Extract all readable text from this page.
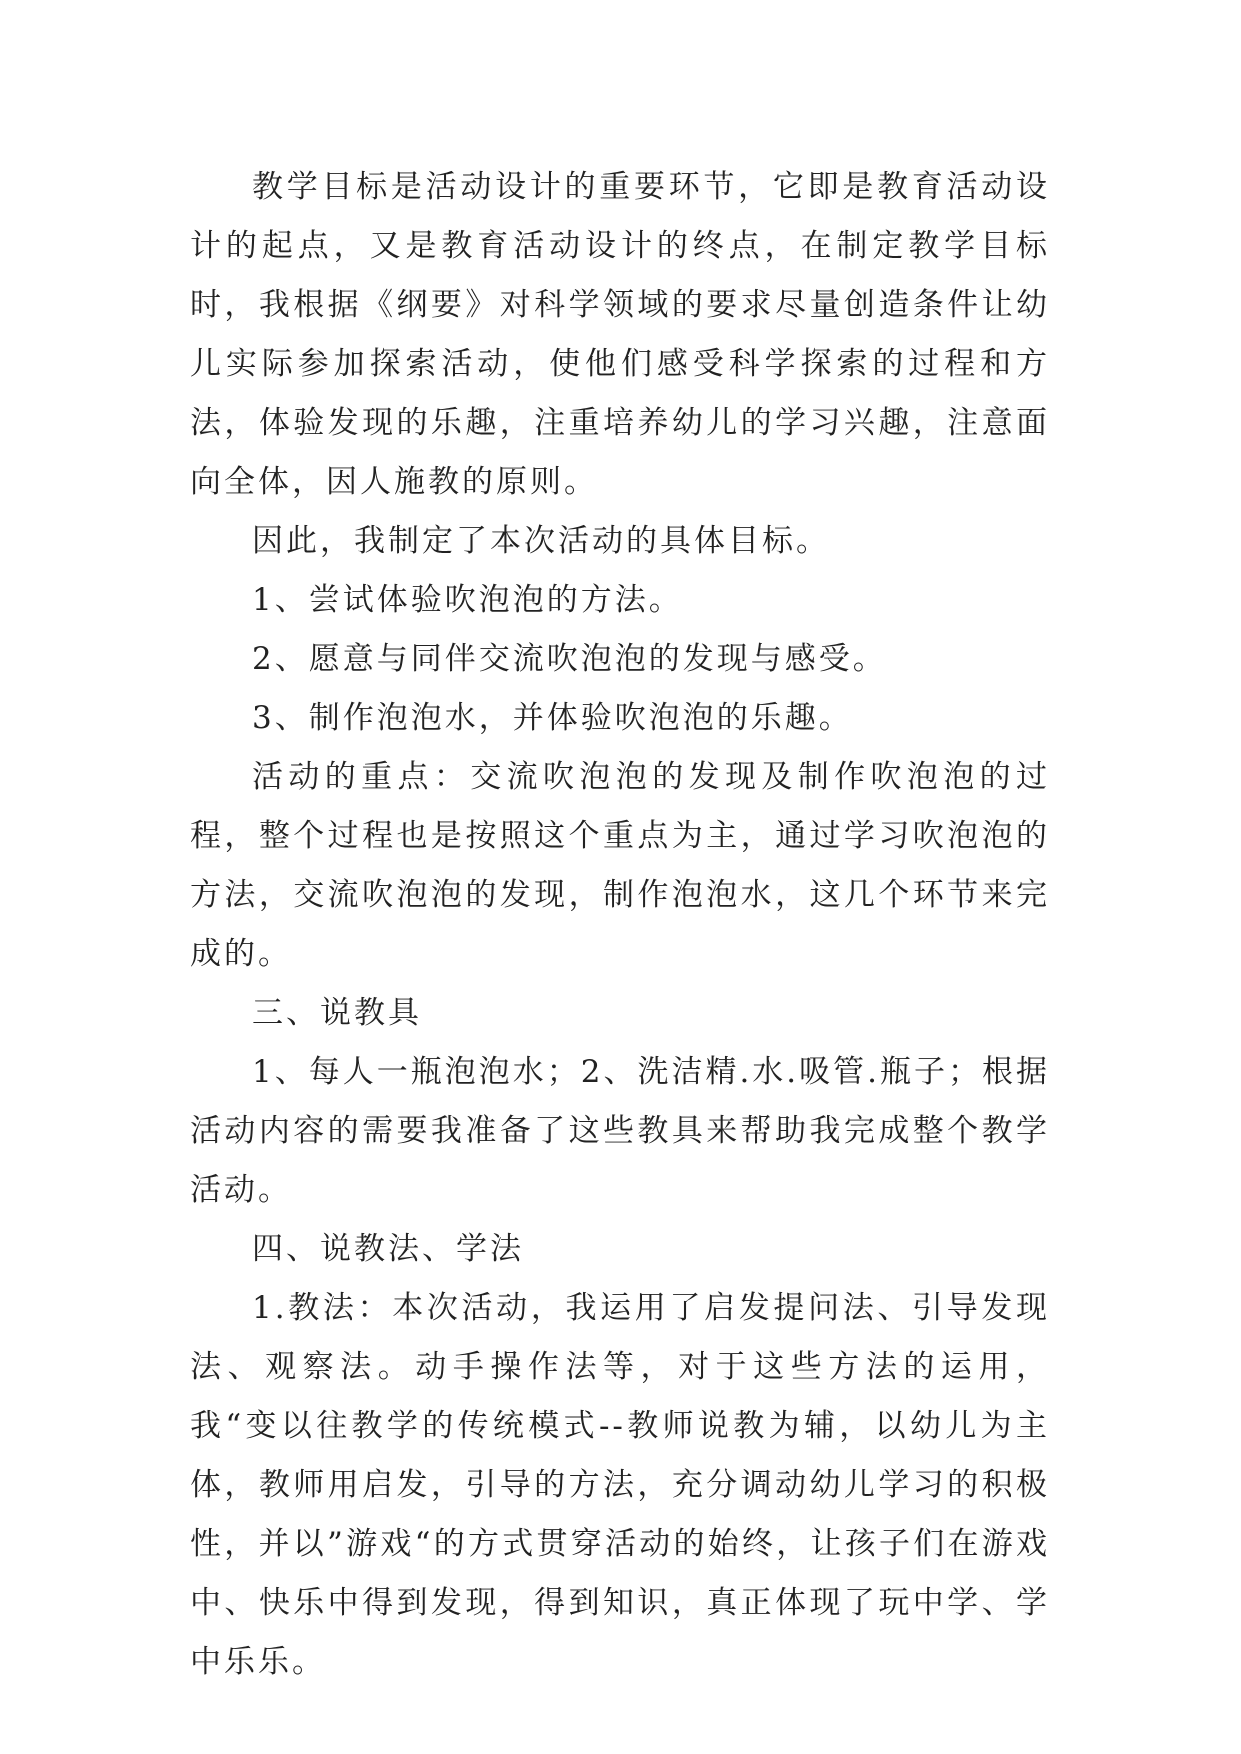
教学目标是活动设计的重要环节，它即是教育活动设计的起点，又是教育活动设计的终点，在制定教学目标时，我根据《纲要》对科学领域的要求尽量创造条件让幼儿实际参加探索活动，使他们感受科学探索的过程和方法，体验发现的乐趣，注重培养幼儿的学习兴趣，注意面向全体，因人施教的原则。

因此，我制定了本次活动的具体目标。

1、尝试体验吹泡泡的方法。

2、愿意与同伴交流吹泡泡的发现与感受。

3、制作泡泡水，并体验吹泡泡的乐趣。

活动的重点：交流吹泡泡的发现及制作吹泡泡的过程，整个过程也是按照这个重点为主，通过学习吹泡泡的方法，交流吹泡泡的发现，制作泡泡水，这几个环节来完成的。

三、说教具

1、每人一瓶泡泡水；2、洗洁精.水.吸管.瓶子；根据活动内容的需要我准备了这些教具来帮助我完成整个教学活动。

四、说教法、学法

1.教法：本次活动，我运用了启发提问法、引导发现法、观察法。动手操作法等，对于这些方法的运用，我“变以往教学的传统模式--教师说教为辅，以幼儿为主体，教师用启发，引导的方法，充分调动幼儿学习的积极性，并以”游戏“的方式贯穿活动的始终，让孩子们在游戏中、快乐中得到发现，得到知识，真正体现了玩中学、学中乐乐。
